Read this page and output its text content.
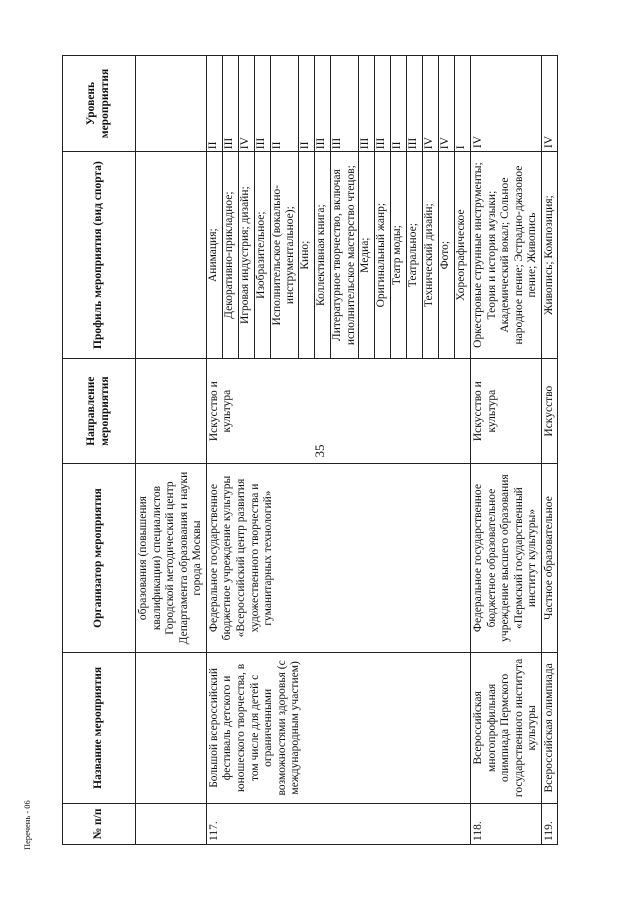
35
Перечень - 06	№ п/п	Название мероприятия	Организатор мероприятия	Направление мероприятия	Профиль мероприятия (вид спорта)	Уровень мероприятия
		образования (повышения квалификации) специалистов Городской методический центр Департамента образования и науки города Москвы			
117.	Большой всероссийский фестиваль детского и юношеского творчества, в том числе для детей с ограниченными возможностями здоровья (с международным участием)	Федеральное государственное бюджетное учреждение культуры «Всероссийский центр развития художественного творчества и гуманитарных технологий»	Искусство и культура	
Анимация;	II
Декоративно-прикладное;	III
Игровая индустрия; дизайн;	IV
Изобразительное;	III
Исполнительское (вокально-инструментальное);	II
Кино;	II
Коллективная книга;	III
Литературное творчество, включая исполнительское мастерство чтецов;	III
Медиа;	III
Оригинальный жанр;	III
Театр моды;	II
Театральное;	III
Технический дизайн;	IV
Фото;	IV
Хореографическое	I

118.	Всероссийская многопрофильная олимпиада Пермского государственного института культуры	Федеральное государственное бюджетное образовательное учреждение высшего образования «Пермский государственный институт культуры»	Искусство и культура	Оркестровые струнные инструменты; Теория и история музыки; Академический вокал; Сольное народное пение; Эстрадно-джазовое пение; Живопись	IV
119.	Всероссийская олимпиада	Частное образовательное	Искусство	Живопись; Композиция;	IV
